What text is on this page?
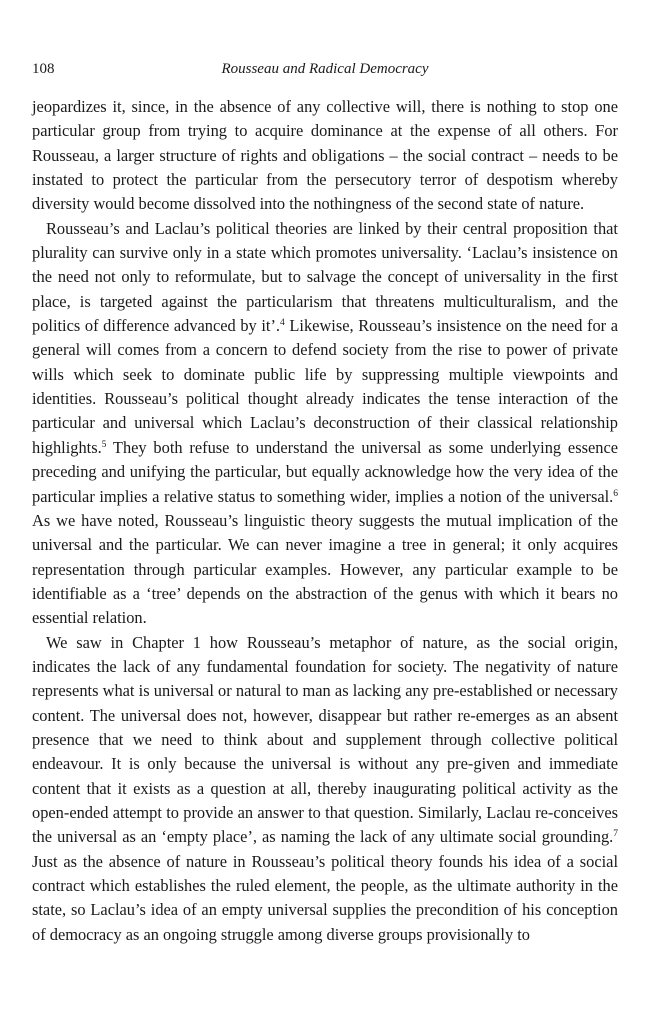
108	Rousseau and Radical Democracy

jeopardizes it, since, in the absence of any collective will, there is nothing to stop one particular group from trying to acquire dominance at the expense of all others. For Rousseau, a larger structure of rights and obligations – the social contract – needs to be instated to protect the particular from the persecutory terror of despotism whereby diversity would become dissolved into the nothingness of the second state of nature.

Rousseau’s and Laclau’s political theories are linked by their central proposition that plurality can survive only in a state which promotes universality. ‘Laclau’s insistence on the need not only to reformulate, but to salvage the concept of universality in the first place, is targeted against the particularism that threatens multiculturalism, and the politics of difference advanced by it’.$^4$ Likewise, Rousseau’s insistence on the need for a general will comes from a concern to defend society from the rise to power of private wills which seek to dominate public life by suppressing multiple viewpoints and identities. Rousseau’s political thought already indicates the tense interaction of the particular and universal which Laclau’s deconstruction of their classical relationship highlights.$^5$ They both refuse to understand the universal as some underlying essence preceding and unifying the particular, but equally acknowledge how the very idea of the particular implies a relative status to something wider, implies a notion of the universal.$^6$ As we have noted, Rousseau’s linguistic theory suggests the mutual implication of the universal and the particular. We can never imagine a tree in general; it only acquires representation through particular examples. However, any particular example to be identifiable as a ‘tree’ depends on the abstraction of the genus with which it bears no essential relation.

We saw in Chapter 1 how Rousseau’s metaphor of nature, as the social origin, indicates the lack of any fundamental foundation for society. The negativity of nature represents what is universal or natural to man as lacking any pre-established or necessary content. The universal does not, however, disappear but rather re-emerges as an absent presence that we need to think about and supplement through collective political endeavour. It is only because the universal is without any pre-given and immediate content that it exists as a question at all, thereby inaugurating political activity as the open-ended attempt to provide an answer to that question. Similarly, Laclau re-conceives the universal as an ‘empty place’, as naming the lack of any ultimate social grounding.$^7$ Just as the absence of nature in Rousseau’s political theory founds his idea of a social contract which establishes the ruled element, the people, as the ultimate authority in the state, so Laclau’s idea of an empty universal supplies the precondition of his conception of democracy as an ongoing struggle among diverse groups provisionally to
